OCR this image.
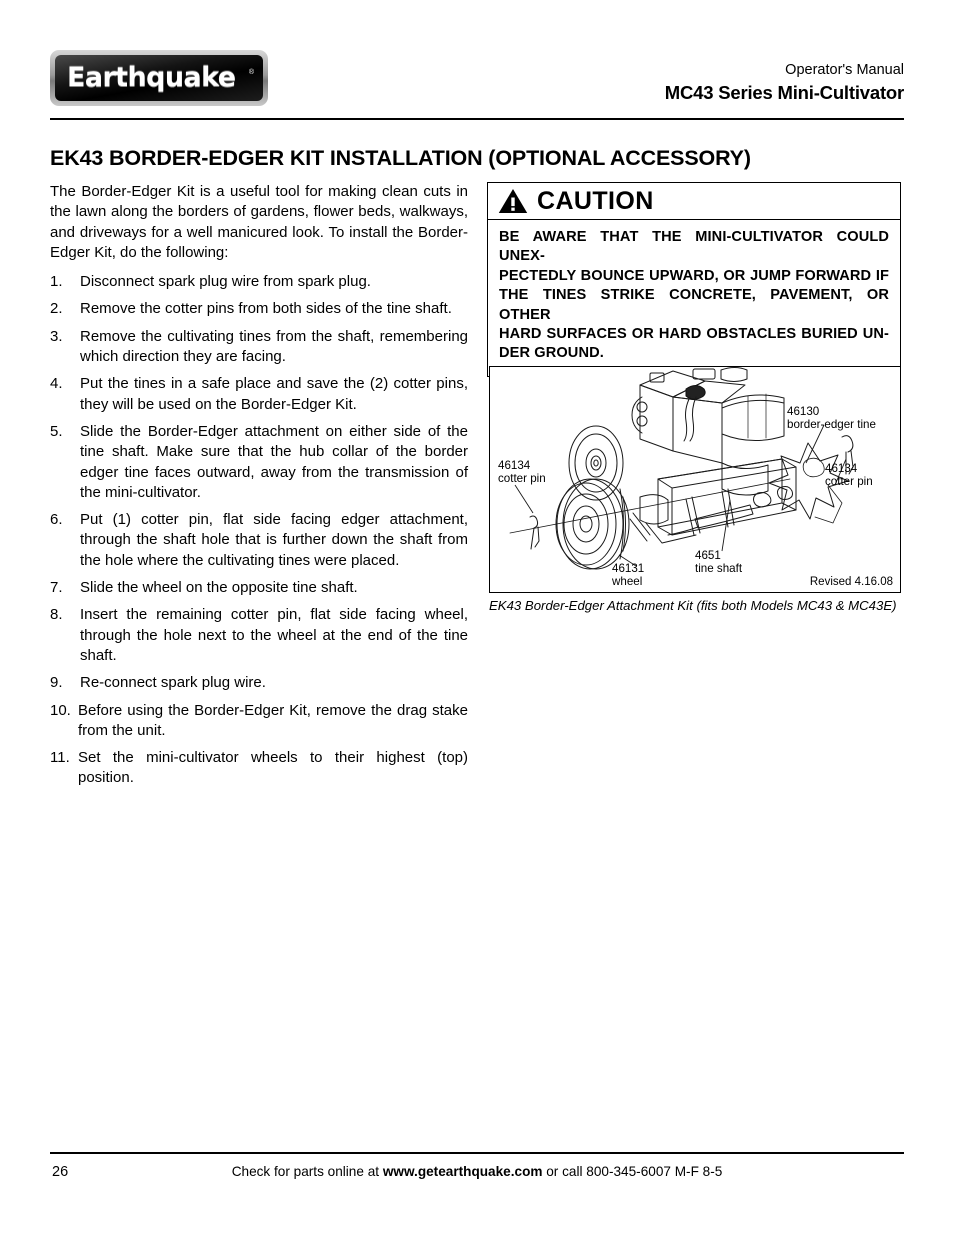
Earthquake ®	Operator's Manual
MC43 Series Mini-Cultivator
EK43 BORDER-EDGER KIT INSTALLATION (OPTIONAL ACCESSORY)

The Border-Edger Kit is a useful tool for making clean cuts in the lawn along the borders of gardens, flower beds, walkways, and driveways for a well manicured look. To install the Border-Edger Kit, do the following:

1.	Disconnect spark plug wire from spark plug.
2.	Remove the cotter pins from both sides of the tine shaft.
3.	Remove the cultivating tines from the shaft, remembering which direction they are facing.
4.	Put the tines in a safe place and save the (2) cotter pins, they will be used on the Border-Edger Kit.
5.	Slide the Border-Edger attachment on either side of the tine shaft. Make sure that the hub collar of the border edger tine faces outward, away from the transmission of the mini-cultivator.
6.	Put (1) cotter pin, flat side facing edger attachment, through the shaft hole that is further down the shaft from the hole where the cultivating tines were placed.
7.	Slide the wheel on the opposite tine shaft.
8.	Insert the remaining cotter pin, flat side facing wheel, through the hole next to the wheel at the end of the tine shaft.
9.	Re-connect spark plug wire.
10. Before using the Border-Edger Kit, remove the drag stake from the unit.
11. Set the mini-cultivator wheels to their highest (top) position.
CAUTION
BE AWARE THAT THE MINI-CULTIVATOR COULD UNEX-
PECTEDLY BOUNCE UPWARD, OR JUMP FORWARD IF
THE TINES STRIKE CONCRETE, PAVEMENT, OR OTHER
HARD SURFACES OR HARD OBSTACLES BURIED UN-
DER GROUND.
Revised 4.16.08
46134
cotter pin
46131
wheel
4651
tine shaft
46130
border-edger tine
46134
cotter pin
EK43 Border-Edger Attachment Kit (fits both Models MC43 & MC43E)
26	Check for parts online at www.getearthquake.com or call 800-345-6007 M-F 8-5
